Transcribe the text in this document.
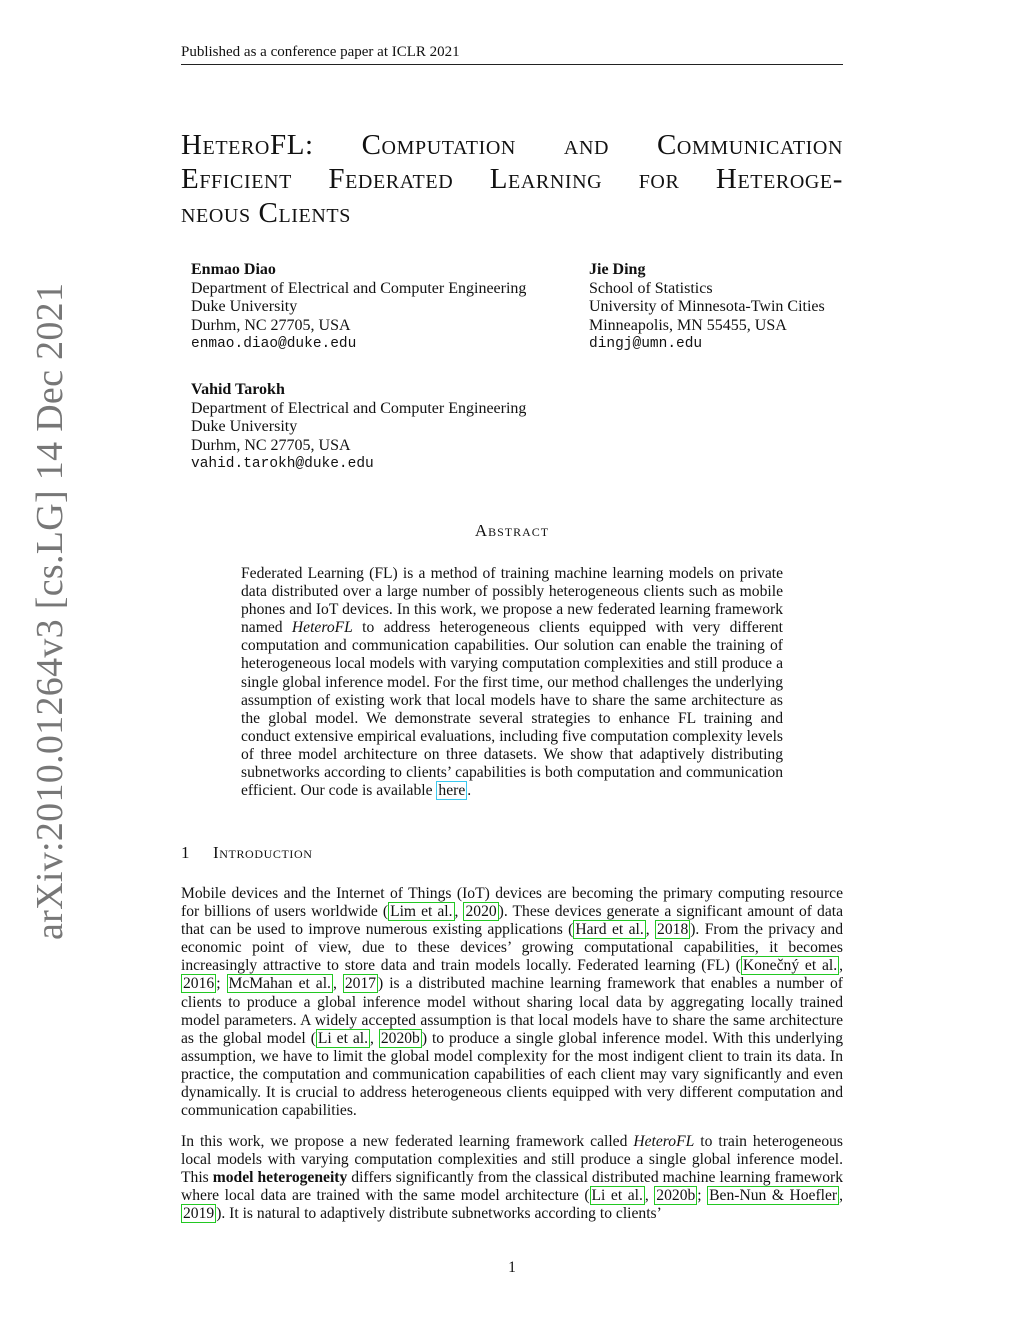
Published as a conference paper at ICLR 2021
arXiv:2010.01264v3 [cs.LG] 14 Dec 2021
HeteroFL: Computation and Communication
Efficient Federated Learning for Heteroge-
neous Clients
Enmao Diao
Department of Electrical and Computer Engineering
Duke University
Durhm, NC 27705, USA
enmao.diao@duke.edu
Jie Ding
School of Statistics
University of Minnesota-Twin Cities
Minneapolis, MN 55455, USA
dingj@umn.edu
Vahid Tarokh
Department of Electrical and Computer Engineering
Duke University
Durhm, NC 27705, USA
vahid.tarokh@duke.edu
Abstract
Federated Learning (FL) is a method of training machine learning models on private data distributed over a large number of possibly heterogeneous clients such as mobile phones and IoT devices. In this work, we propose a new federated learning framework named HeteroFL to address heterogeneous clients equipped with very different computation and communication capabilities. Our solution can enable the training of heterogeneous local models with varying computation complexities and still produce a single global inference model. For the first time, our method challenges the underlying assumption of existing work that local models have to share the same architecture as the global model. We demonstrate several strategies to enhance FL training and conduct extensive empirical evaluations, including five computation complexity levels of three model architecture on three datasets. We show that adaptively distributing subnetworks according to clients’ capabilities is both computation and communication efficient. Our code is available here .
1 Introduction
Mobile devices and the Internet of Things (IoT) devices are becoming the primary computing resource for billions of users worldwide ( Lim et al. , 2020 ). These devices generate a significant amount of data that can be used to improve numerous existing applications ( Hard et al. , 2018 ). From the privacy and economic point of view, due to these devices’ growing computational capabilities, it becomes increasingly attractive to store data and train models locally. Federated learning (FL) ( Konečný et al. , 2016 ; McMahan et al. , 2017 ) is a distributed machine learning framework that enables a number of clients to produce a global inference model without sharing local data by aggregating locally trained model parameters. A widely accepted assumption is that local models have to share the same architecture as the global model ( Li et al. , 2020b ) to produce a single global inference model. With this underlying assumption, we have to limit the global model complexity for the most indigent client to train its data. In practice, the computation and communication capabilities of each client may vary significantly and even dynamically. It is crucial to address heterogeneous clients equipped with very different computation and communication capabilities.
In this work, we propose a new federated learning framework called HeteroFL to train heterogeneous local models with varying computation complexities and still produce a single global inference model. This model heterogeneity differs significantly from the classical distributed machine learning framework where local data are trained with the same model architecture ( Li et al. , 2020b ; Ben-Nun & Hoefler , 2019 ). It is natural to adaptively distribute subnetworks according to clients’
1
